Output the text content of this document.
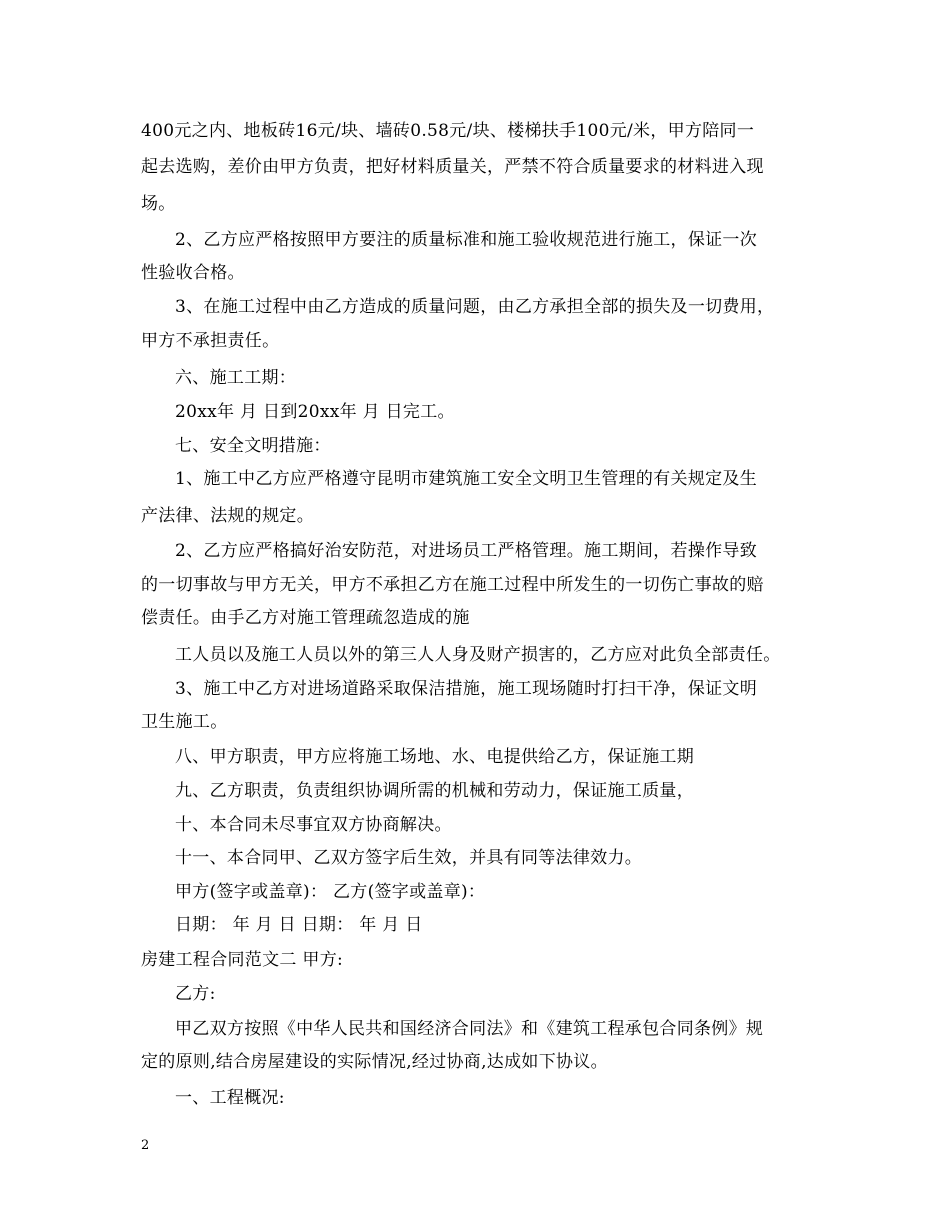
400元之内、地板砖16元/块、墙砖0.58元/块、楼梯扶手100元/米，甲方陪同一
起去选购，差价由甲方负责，把好材料质量关，严禁不符合质量要求的材料进入现
场。
2、乙方应严格按照甲方要注的质量标准和施工验收规范进行施工，保证一次
性验收合格。
3、在施工过程中由乙方造成的质量问题，由乙方承担全部的损失及一切费用，
甲方不承担责任。
六、施工工期：
20xx年 月 日到20xx年 月 日完工。
七、安全文明措施：
1、施工中乙方应严格遵守昆明市建筑施工安全文明卫生管理的有关规定及生
产法律、法规的规定。
2、乙方应严格搞好治安防范，对进场员工严格管理。施工期间，若操作导致
的一切事故与甲方无关，甲方不承担乙方在施工过程中所发生的一切伤亡事故的赔
偿责任。由手乙方对施工管理疏忽造成的施
工人员以及施工人员以外的第三人人身及财产损害的，乙方应对此负全部责任。
3、施工中乙方对进场道路采取保洁措施，施工现场随时打扫干净，保证文明
卫生施工。
八、甲方职责，甲方应将施工场地、水、电提供给乙方，保证施工期
九、乙方职责，负责组织协调所需的机械和劳动力，保证施工质量，
十、本合同未尽事宜双方协商解决。
十一、本合同甲、乙双方签字后生效，并具有同等法律效力。
甲方(签字或盖章)： 乙方(签字或盖章)：
日期： 年 月 日 日期： 年 月 日
房建工程合同范文二 甲方:
乙方:
甲乙双方按照《中华人民共和国经济合同法》和《建筑工程承包合同条例》规
定的原则,结合房屋建设的实际情况,经过协商,达成如下协议。
一、工程概况:
2
